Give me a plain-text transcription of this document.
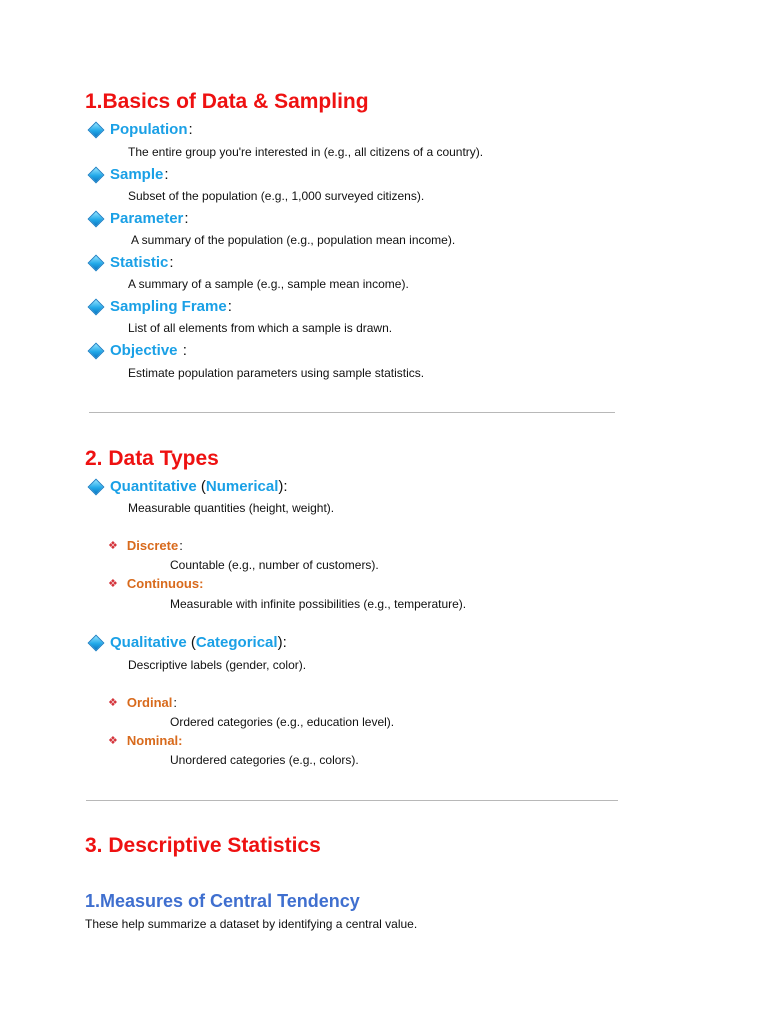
1.Basics of Data & Sampling
Population :
The entire group you're interested in (e.g., all citizens of a country).
Sample :
Subset of the population (e.g., 1,000 surveyed citizens).
Parameter :
A summary of the population (e.g., population mean income).
Statistic :
A summary of a sample (e.g., sample mean income).
Sampling Frame :
List of all elements from which a sample is drawn.
Objective :
Estimate population parameters using sample statistics.
2. Data Types
Quantitative ( Numerical ):
Measurable quantities (height, weight).
❖ Discrete :
Countable (e.g., number of customers).
❖ Continuous:
Measurable with infinite possibilities (e.g., temperature).
Qualitative ( Categorical ):
Descriptive labels (gender, color).
❖ Ordinal :
Ordered categories (e.g., education level).
❖ Nominal:
Unordered categories (e.g., colors).
3. Descriptive Statistics
1.Measures of Central Tendency
These help summarize a dataset by identifying a central value.
